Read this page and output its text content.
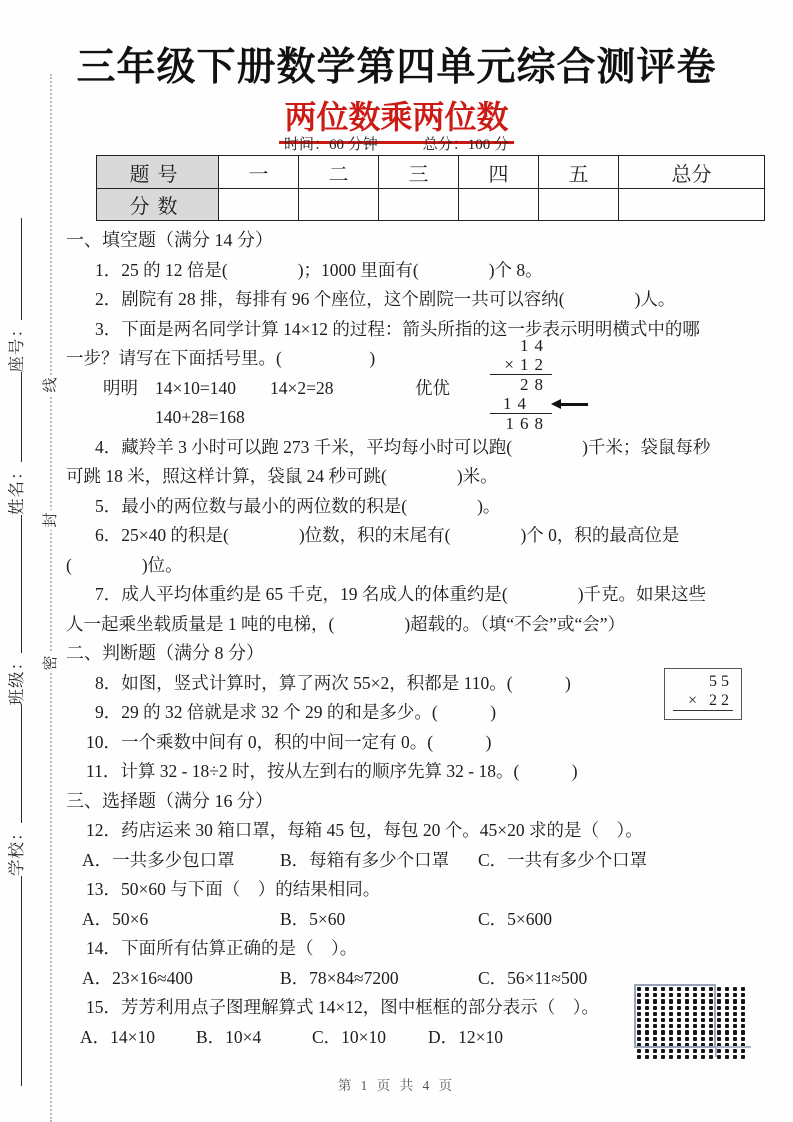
线
封
密
学校：班级：姓名：座号：
三年级下册数学第四单元综合测评卷
两位数乘两位数
时间：60 分钟　　　总分：100 分
题号	一	二	三	四	五	总分
分数						
一、填空题（满分 14 分）
1．25 的 12 倍是(　　　　)；1000 里面有(　　　　)个 8。
2．剧院有 28 排，每排有 96 个座位，这个剧院一共可以容纳(　　　　)人。
3．下面是两名同学计算 14×12 的过程：箭头所指的这一步表示明明横式中的哪
一步？请写在下面括号里。(　　　　　)
明明 14×10=140 14×2=28	优优
140+28=168
4．藏羚羊 3 小时可以跑 273 千米，平均每小时可以跑(　　　　)千米；袋鼠每秒
可跳 18 米，照这样计算，袋鼠 24 秒可跳(　　　　)米。
5．最小的两位数与最小的两位数的积是(　　　　)。
6．25×40 的积是(　　　　)位数，积的末尾有(　　　　)个 0，积的最高位是
(　　　　)位。
7．成人平均体重约是 65 千克，19 名成人的体重约是(　　　　)千克。如果这些
人一起乘坐载质量是 1 吨的电梯，(　　　　)超载的。（填“不会”或“会”）
二、判断题（满分 8 分）
8．如图，竖式计算时，算了两次 55×2，积都是 110。(　　　)
9．29 的 32 倍就是求 32 个 29 的和是多少。(　　　)
10．一个乘数中间有 0，积的中间一定有 0。(　　　)
11．计算 32 - 18÷2 时，按从左到右的顺序先算 32 - 18。(　　　)
三、选择题（满分 16 分）
12．药店运来 30 箱口罩，每箱 45 包，每包 20 个。45×20 求的是（　）。
A．一共多少包口罩	B．每箱有多少个口罩 C．一共有多少个口罩
13．50×60 与下面（　）的结果相同。
A．50×6	B．5×60	C．5×600
14．下面所有估算正确的是（　）。
A．23×16≈400	B．78×84≈7200	C．56×11≈500
15．芳芳利用点子图理解算式 14×12，图中框框的部分表示（　）。
A．14×10 B．10×4	C．10×10 D．12×10
14
×12
28
14
168
55
× 22
第 1 页 共 4 页
